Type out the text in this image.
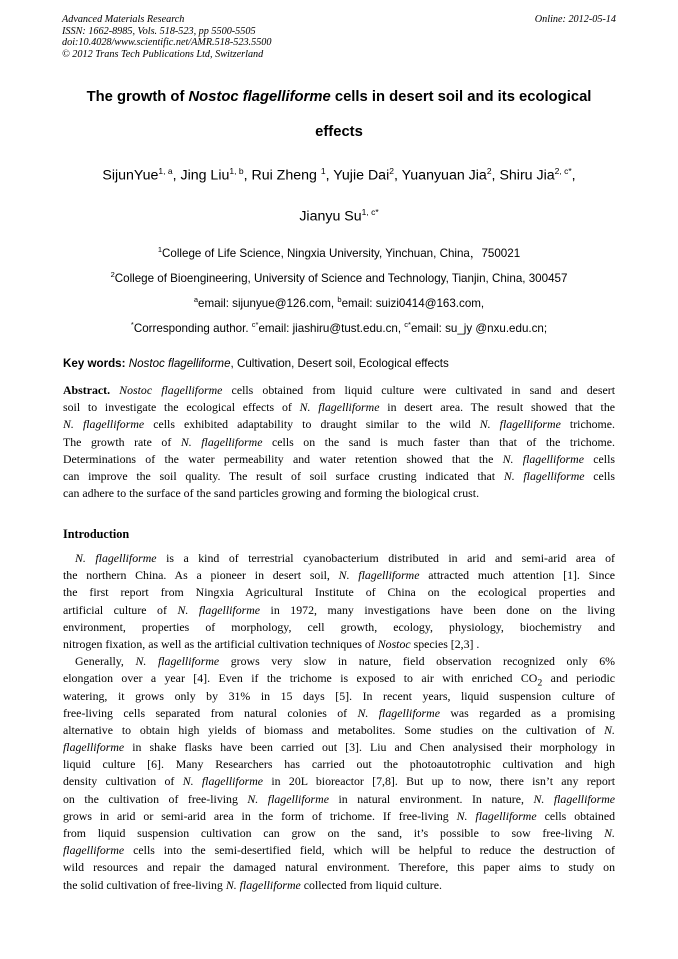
Advanced Materials Research
ISSN: 1662-8985, Vols. 518-523, pp 5500-5505
doi:10.4028/www.scientific.net/AMR.518-523.5500
© 2012 Trans Tech Publications Ltd, Switzerland
Online: 2012-05-14
The growth of Nostoc flagelliforme cells in desert soil and its ecological
effects
SijunYue$^{1, a}$, Jing Liu$^{1, b}$, Rui Zheng $^1$, Yujie Dai$^2$, Yuanyuan Jia$^2$, Shiru Jia$^{2, c*}$,
Jianyu $Su^{1, c*}$
$^1$College of Life Science, Ningxia University, Yinchuan, China，750021
$^2$College of Bioengineering, University of Science and Technology, Tianjin, China, 300457
$^a$email: sijunyue@126.com, $^b$email: suizi0414@163.com,
*Corresponding author. $^{c*}$email: jiashiru@tust.edu.cn, $^{c*}$email: su_jy @nxu.edu.cn;
Key words: Nostoc flagelliforme, Cultivation, Desert soil, Ecological effects
Abstract. Nostoc flagelliforme cells obtained from liquid culture were cultivated in sand and desert
soil to investigate the ecological effects of N. flagelliforme in desert area. The result showed that the
N. flagelliforme cells exhibited adaptability to draught similar to the wild N. flagelliforme trichome.
The growth rate of N. flagelliforme cells on the sand is much faster than that of the trichome.
Determinations of the water permeability and water retention showed that the N. flagelliforme cells
can improve the soil quality. The result of soil surface crusting indicated that N. flagelliforme cells
can adhere to the surface of the sand particles growing and forming the biological crust.
Introduction
N. flagelliforme is a kind of terrestrial cyanobacterium distributed in arid and semi-arid area of
the northern China. As a pioneer in desert soil, N. flagelliforme attracted much attention [1]. Since
the first report from Ningxia Agricultural Institute of China on the ecological properties and
artificial culture of N. flagelliforme in 1972, many investigations have been done on the living
environment, properties of morphology, cell growth, ecology, physiology, biochemistry and
nitrogen fixation, as well as the artificial cultivation techniques of Nostoc species [2,3] .
Generally, N. flagelliforme grows very slow in nature, field observation recognized only 6%
elongation over a year [4]. Even if the trichome is exposed to air with enriched $CO_2$ and periodic
watering, it grows only by 31% in 15 days [5]. In recent years, liquid suspension culture of
free-living cells separated from natural colonies of N. flagelliforme was regarded as a promising
alternative to obtain high yields of biomass and metabolites. Some studies on the cultivation of N.
flagelliforme in shake flasks have been carried out [3]. Liu and Chen analysised their morphology in
liquid culture [6]. Many Researchers has carried out the photoautotrophic cultivation and high
density cultivation of N. flagelliforme in 20L bioreactor [7,8]. But up to now, there isn’t any report
on the cultivation of free-living N. flagelliforme in natural environment. In nature, N. flagelliforme
grows in arid or semi-arid area in the form of trichome. If free-living N. flagelliforme cells obtained
from liquid suspension cultivation can grow on the sand, it’s possible to sow free-living N.
flagelliforme cells into the semi-desertified field, which will be helpful to reduce the destruction of
wild resources and repair the damaged natural environment. Therefore, this paper aims to study on
the solid cultivation of free-living N. flagelliforme collected from liquid culture.
